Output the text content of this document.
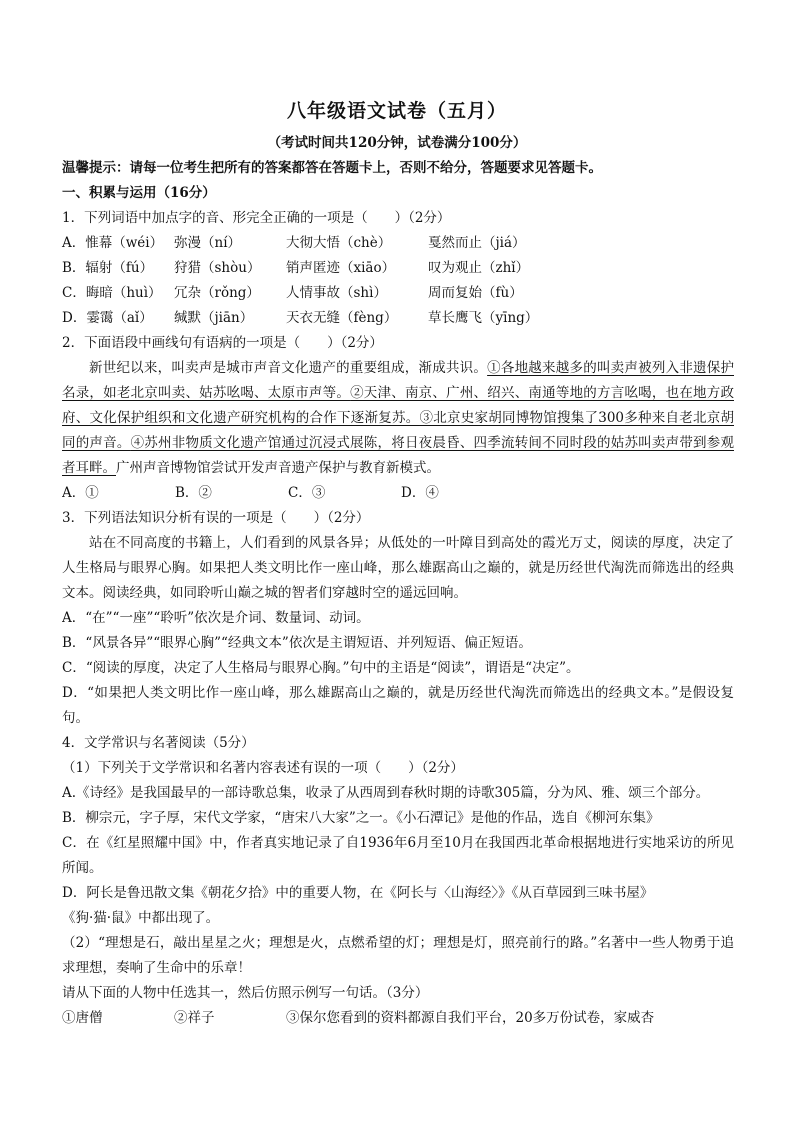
八年级语文试卷（五月）
（考试时间共120分钟，试卷满分100分）
温馨提示：请每一位考生把所有的答案都答在答题卡上，否则不给分，答题要求见答题卡。
一、积累与运用（16分）
1．下列词语中加点字的音、形完全正确的一项是（　　）（2分）
A．惟幕（wéi） 弥漫（ní）	大彻大悟（chè）	戛然而止（jiá）
B．辐射（fú）	狩猎（shòu）	销声匿迹（xiāo）	叹为观止（zhǐ）
C．晦暗（huì） 冗杂（rǒng）	人情事故（shì）	周而复始（fù）
D．霎霭（aǐ）	缄默（jiān）	天衣无缝（fèng）	草长鹰飞（yīng）
2．下面语段中画线句有语病的一项是（　　）（2分）
新世纪以来，叫卖声是城市声音文化遗产的重要组成，渐成共识。①各地越来越多的叫卖声被列入非遗保护名录，如老北京叫卖、姑苏吆喝、太原市声等。②天津、南京、广州、绍兴、南通等地的方言吆喝，也在地方政府、文化保护组织和文化遗产研究机构的合作下逐渐复苏。③北京史家胡同博物馆搜集了300多种来自老北京胡同的声音。④苏州非物质文化遗产馆通过沉浸式展陈，将日夜晨昏、四季流转间不同时段的姑苏叫卖声带到参观者耳畔。广州声音博物馆尝试开发声音遗产保护与教育新模式。
A．①	B．②	C．③	D．④
3．下列语法知识分析有误的一项是（　　）（2分）
站在不同高度的书籍上，人们看到的风景各异；从低处的一叶障目到高处的霞光万丈，阅读的厚度，决定了人生格局与眼界心胸。如果把人类文明比作一座山峰，那么雄踞高山之巅的，就是历经世代淘洗而筛选出的经典文本。阅读经典，如同聆听山巅之城的智者们穿越时空的遥远回响。
A．“在”“一座”“聆听”依次是介词、数量词、动词。
B．“风景各异”“眼界心胸”“经典文本”依次是主谓短语、并列短语、偏正短语。
C．“阅读的厚度，决定了人生格局与眼界心胸。”句中的主语是“阅读”，谓语是“决定”。
D．“如果把人类文明比作一座山峰，那么雄踞高山之巅的，就是历经世代淘洗而筛选出的经典文本。”是假设复句。
4．文学常识与名著阅读（5分）
（1）下列关于文学常识和名著内容表述有误的一项（　　）（2分）
A.《诗经》是我国最早的一部诗歌总集，收录了从西周到春秋时期的诗歌305篇，分为风、雅、颂三个部分。
B．柳宗元，字子厚，宋代文学家，“唐宋八大家”之一。《小石潭记》是他的作品，选自《柳河东集》
C．在《红星照耀中国》中，作者真实地记录了自1936年6月至10月在我国西北革命根据地进行实地采访的所见所闻。
D．阿长是鲁迅散文集《朝花夕拾》中的重要人物，在《阿长与〈山海经〉》《从百草园到三味书屋》
《狗·猫·鼠》中都出现了。
（2）“理想是石，敲出星星之火；理想是火，点燃希望的灯；理想是灯，照亮前行的路。”名著中一些人物勇于追求理想，奏响了生命中的乐章！
请从下面的人物中任选其一，然后仿照示例写一句话。（3分）
①唐僧	②祥子	③保尔 您看到的资料都源自我们平台，20多万份试卷，家威杏
